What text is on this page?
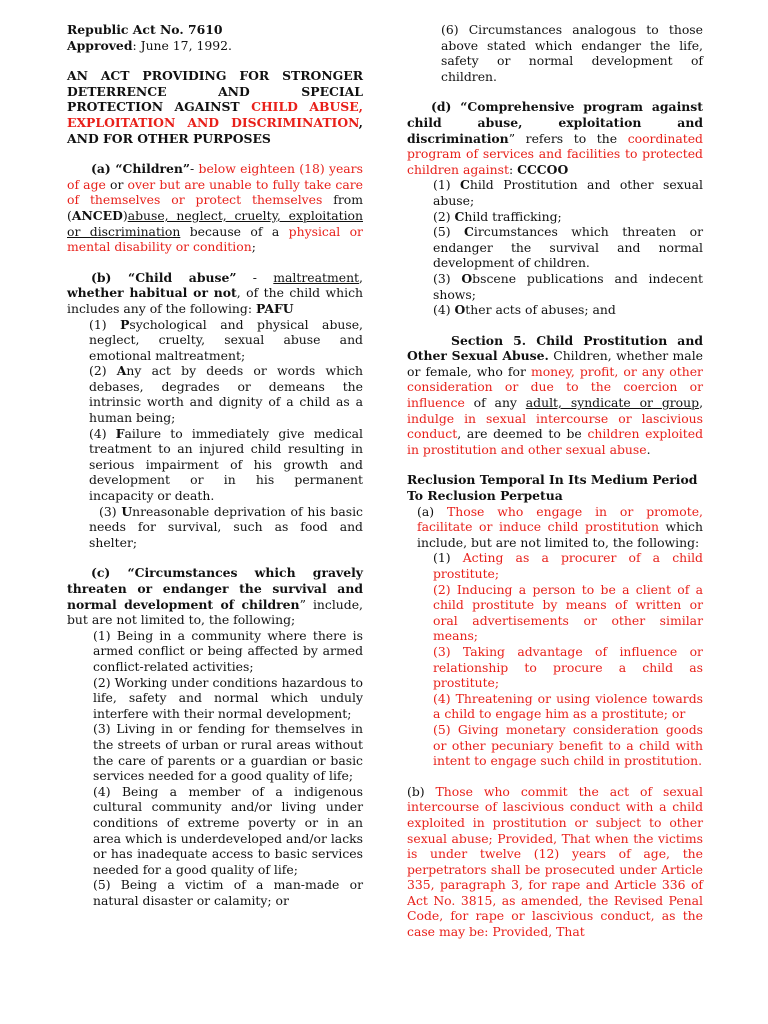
Republic Act No. 7610

Approved: June 17, 1992.

AN ACT PROVIDING FOR STRONGER DETERRENCE AND SPECIAL PROTECTION AGAINST CHILD ABUSE, EXPLOITATION AND DISCRIMINATION, AND FOR OTHER PURPOSES

(a) “Children”- below eighteen (18) years of age or over but are unable to fully take care of themselves or protect themselves from (ANCED)abuse, neglect, cruelty, exploitation or discrimination because of a physical or mental disability or condition;

(b) “Child abuse” - maltreatment, whether habitual or not, of the child which includes any of the following: PAFU

(1) Psychological and physical abuse, neglect, cruelty, sexual abuse and emotional maltreatment;

(2) Any act by deeds or words which debases, degrades or demeans the intrinsic worth and dignity of a child as a human being;

(4) Failure to immediately give medical treatment to an injured child resulting in serious impairment of his growth and development or in his permanent incapacity or death.

(3) Unreasonable deprivation of his basic needs for survival, such as food and shelter;

(c) “Circumstances which gravely threaten or endanger the survival and normal development of children” include, but are not limited to, the following;

(1) Being in a community where there is armed conflict or being affected by armed conflict-related activities;

(2) Working under conditions hazardous to life, safety and normal which unduly interfere with their normal development;

(3) Living in or fending for themselves in the streets of urban or rural areas without the care of parents or a guardian or basic services needed for a good quality of life;

(4) Being a member of a indigenous cultural community and/or living under conditions of extreme poverty or in an area which is underdeveloped and/or lacks or has inadequate access to basic services needed for a good quality of life;

(5) Being a victim of a man-made or natural disaster or calamity; or

(6) Circumstances analogous to those above stated which endanger the life, safety or normal development of children.

(d) “Comprehensive program against child abuse, exploitation and discrimination” refers to the coordinated program of services and facilities to protected children against: CCCOO

(1) Child Prostitution and other sexual abuse;

(2) Child trafficking;

(5) Circumstances which threaten or endanger the survival and normal development of children.

(3) Obscene publications and indecent shows;

(4) Other acts of abuses; and

Section 5. Child Prostitution and Other Sexual Abuse. Children, whether male or female, who for money, profit, or any other consideration or due to the coercion or influence of any adult, syndicate or group, indulge in sexual intercourse or lascivious conduct, are deemed to be children exploited in prostitution and other sexual abuse.

Reclusion Temporal In Its Medium Period To Reclusion Perpetua

(a) Those who engage in or promote, facilitate or induce child prostitution which include, but are not limited to, the following:

(1) Acting as a procurer of a child prostitute;

(2) Inducing a person to be a client of a child prostitute by means of written or oral advertisements or other similar means;

(3) Taking advantage of influence or relationship to procure a child as prostitute;

(4) Threatening or using violence towards a child to engage him as a prostitute; or

(5) Giving monetary consideration goods or other pecuniary benefit to a child with intent to engage such child in prostitution.

(b) Those who commit the act of sexual intercourse of lascivious conduct with a child exploited in prostitution or subject to other sexual abuse; Provided, That when the victims is under twelve (12) years of age, the perpetrators shall be prosecuted under Article 335, paragraph 3, for rape and Article 336 of Act No. 3815, as amended, the Revised Penal Code, for rape or lascivious conduct, as the case may be: Provided, That
